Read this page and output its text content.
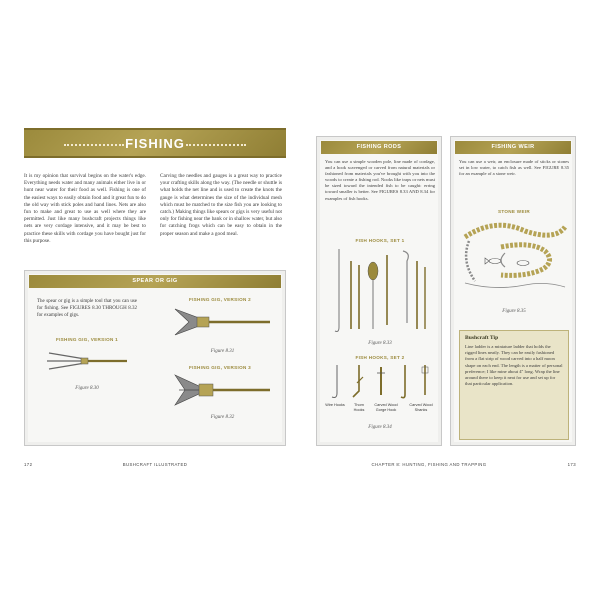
FISHING
It is my opinion that survival begins on the water's edge. Everything needs water and many animals either live in or hunt near water for their food as well. Fishing is one of the easiest ways to easily obtain food and it great fun to do the old way with stick poles and hand lines. Nets are also fun to make and great to use as well where they are permitted. Just like many bushcraft projects things like nets are very cordage intensive, and it may be best to practice these skills with cordage you have bought just for this purpose.
Carving the needles and gauges is a great way to practice your crafting skills along the way. (The needle or shuttle is what holds the net line and is used to create the knots the gauge is what determines the size of the individual mesh which must be matched to the size fish you are looking to catch.) Making things like spears or gigs is very useful not only for fishing near the bank or in shallow water, but also for catching frogs which can be easy to obtain in the proper season and make a good meal.
SPEAR OR GIG
The spear or gig is a simple tool that you can use for fishing. See FIGURES 8.30 THROUGH 8.32 for examples of gigs.
FISHING GIG, VERSION 1
Figure 8.30
FISHING GIG, VERSION 2
Figure 8.31
FISHING GIG, VERSION 3
Figure 8.32
172	BUSHCRAFT ILLUSTRATED
FISHING RODS
You can use a simple wooden pole, line made of cordage, and a hook scavenged or carved from natural materials or fashioned from materials you've brought with you into the woods to create a fishing rod. Nooks like traps or nets must be sized toward the intended fish to be caught: erring toward smaller is better. See FIGURES 8.33 AND 8.34 for examples of fish hooks.
FISH HOOKS, SET 1
Figure 8.33
FISH HOOKS, SET 2
Wire Hooks	Thorn Hooks
Carved Wood Gorge Hook
Carved Wood Shanks
Figure 8.34
FISHING WEIR
You can use a weir, an enclosure made of sticks or stones set in low water, to catch fish as well. See FIGURE 8.35 for an example of a stone weir.
STONE WEIR
Figure 8.35
Bushcraft Tip
Line ladder is a miniature ladder that holds the rigged lines neatly. They can be easily fashioned from a flat strip of wood carved into a half moon shape on each end. The length is a matter of personal preference; I like mine about 4" long. Wrap the line around there to keep it neat for use and set up for that particular application.
CHAPTER 8: HUNTING, FISHING AND TRAPPING	173
